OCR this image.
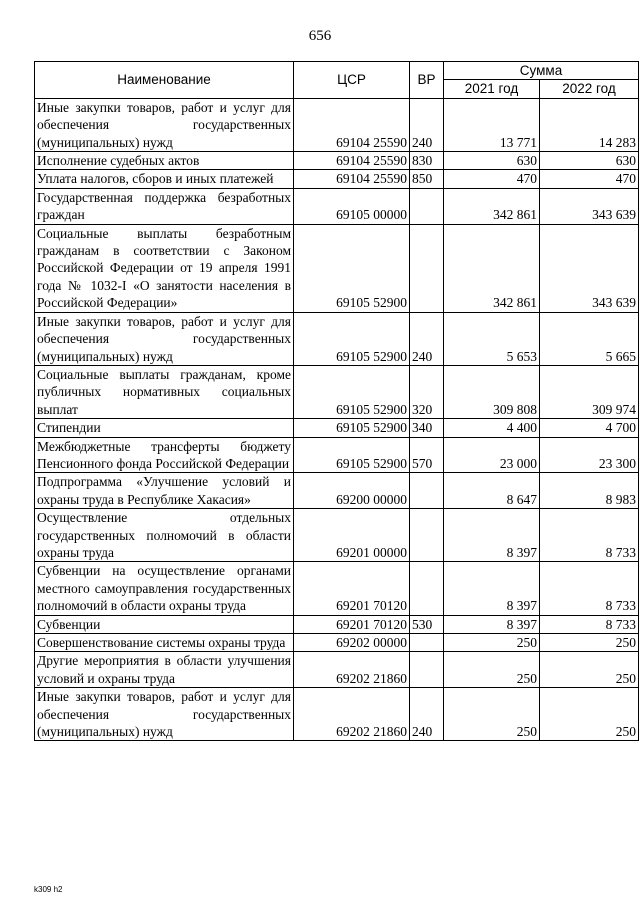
656
Наименование	ЦСР	ВР	Сумма	
			2021 год	2022 год
Иные закупки товаров, работ и услуг для обеспечения государственных (муниципальных) нужд	69104 25590	240	13 771	14 283
Исполнение судебных актов	69104 25590	830	630	630
Уплата налогов, сборов и иных платежей	69104 25590	850	470	470
Государственная поддержка безработных граждан	69105 00000		342 861	343 639
Социальные выплаты безработным гражданам в соответствии с Законом Российской Федерации от 19 апреля 1991 года № 1032-I «О занятости населения в Российской Федерации»	69105 52900		342 861	343 639
Иные закупки товаров, работ и услуг для обеспечения государственных (муниципальных) нужд	69105 52900	240	5 653	5 665
Социальные выплаты гражданам, кроме публичных нормативных социальных выплат	69105 52900	320	309 808	309 974
Стипендии	69105 52900	340	4 400	4 700
Межбюджетные трансферты бюджету Пенсионного фонда Российской Федерации	69105 52900	570	23 000	23 300
Подпрограмма «Улучшение условий и охраны труда в Республике Хакасия»	69200 00000		8 647	8 983
Осуществление отдельных государственных полномочий в области охраны труда	69201 00000		8 397	8 733
Субвенции на осуществление органами местного самоуправления государственных полномочий в области охраны труда	69201 70120		8 397	8 733
Субвенции	69201 70120	530	8 397	8 733
Совершенствование системы охраны труда	69202 00000		250	250
Другие мероприятия в области улучшения условий и охраны труда	69202 21860		250	250
Иные закупки товаров, работ и услуг для обеспечения государственных (муниципальных) нужд	69202 21860	240	250	250
k309 h2
